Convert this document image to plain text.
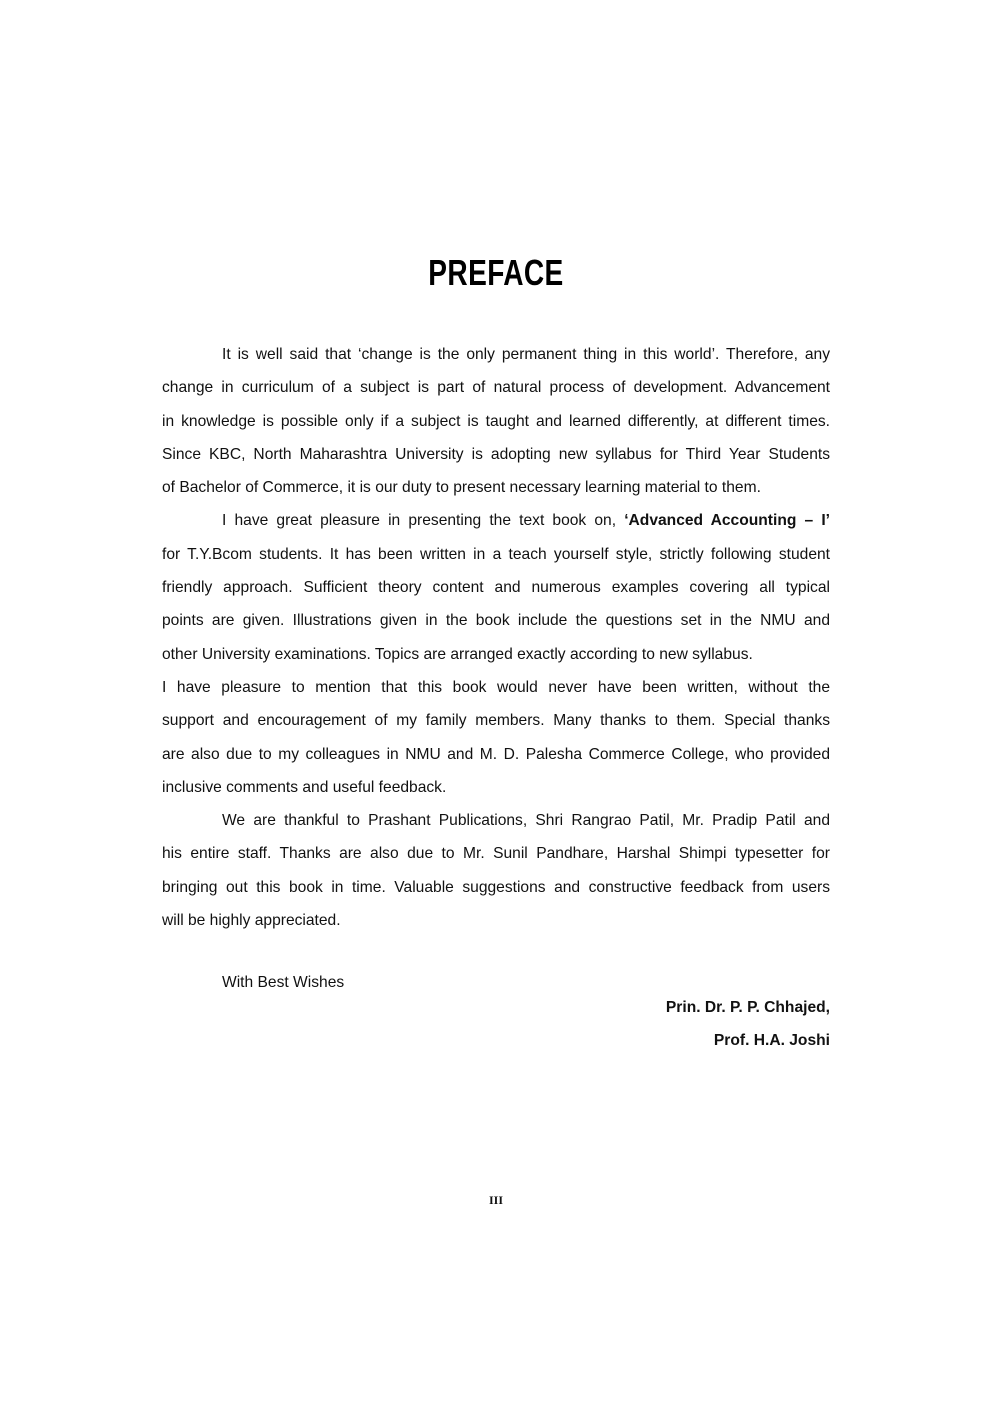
PREFACE
It is well said that ‘change is the only permanent thing in this world’. Therefore, any
change in curriculum of a subject is part of natural process of development. Advancement
in knowledge is possible only if a subject is taught and learned differently, at different times.
Since KBC, North Maharashtra University is adopting new syllabus for Third Year Students
of Bachelor of Commerce, it is our duty to present necessary learning material to them.
I have great pleasure in presenting the text book on, ‘Advanced Accounting – I’
for T.Y.Bcom students. It has been written in a teach yourself style, strictly following student
friendly approach. Sufficient theory content and numerous examples covering all typical
points are given. Illustrations given in the book include the questions set in the NMU and
other University examinations. Topics are arranged exactly according to new syllabus.
I have pleasure to mention that this book would never have been written, without the
support and encouragement of my family members. Many thanks to them. Special thanks
are also due to my colleagues in NMU and M. D. Palesha Commerce College, who provided
inclusive comments and useful feedback.
We are thankful to Prashant Publications, Shri Rangrao Patil, Mr. Pradip Patil and
his entire staff. Thanks are also due to Mr. Sunil Pandhare, Harshal Shimpi typesetter for
bringing out this book in time. Valuable suggestions and constructive feedback from users
will be highly appreciated.
With Best Wishes
Prin. Dr. P. P. Chhajed,
Prof. H.A. Joshi
III
